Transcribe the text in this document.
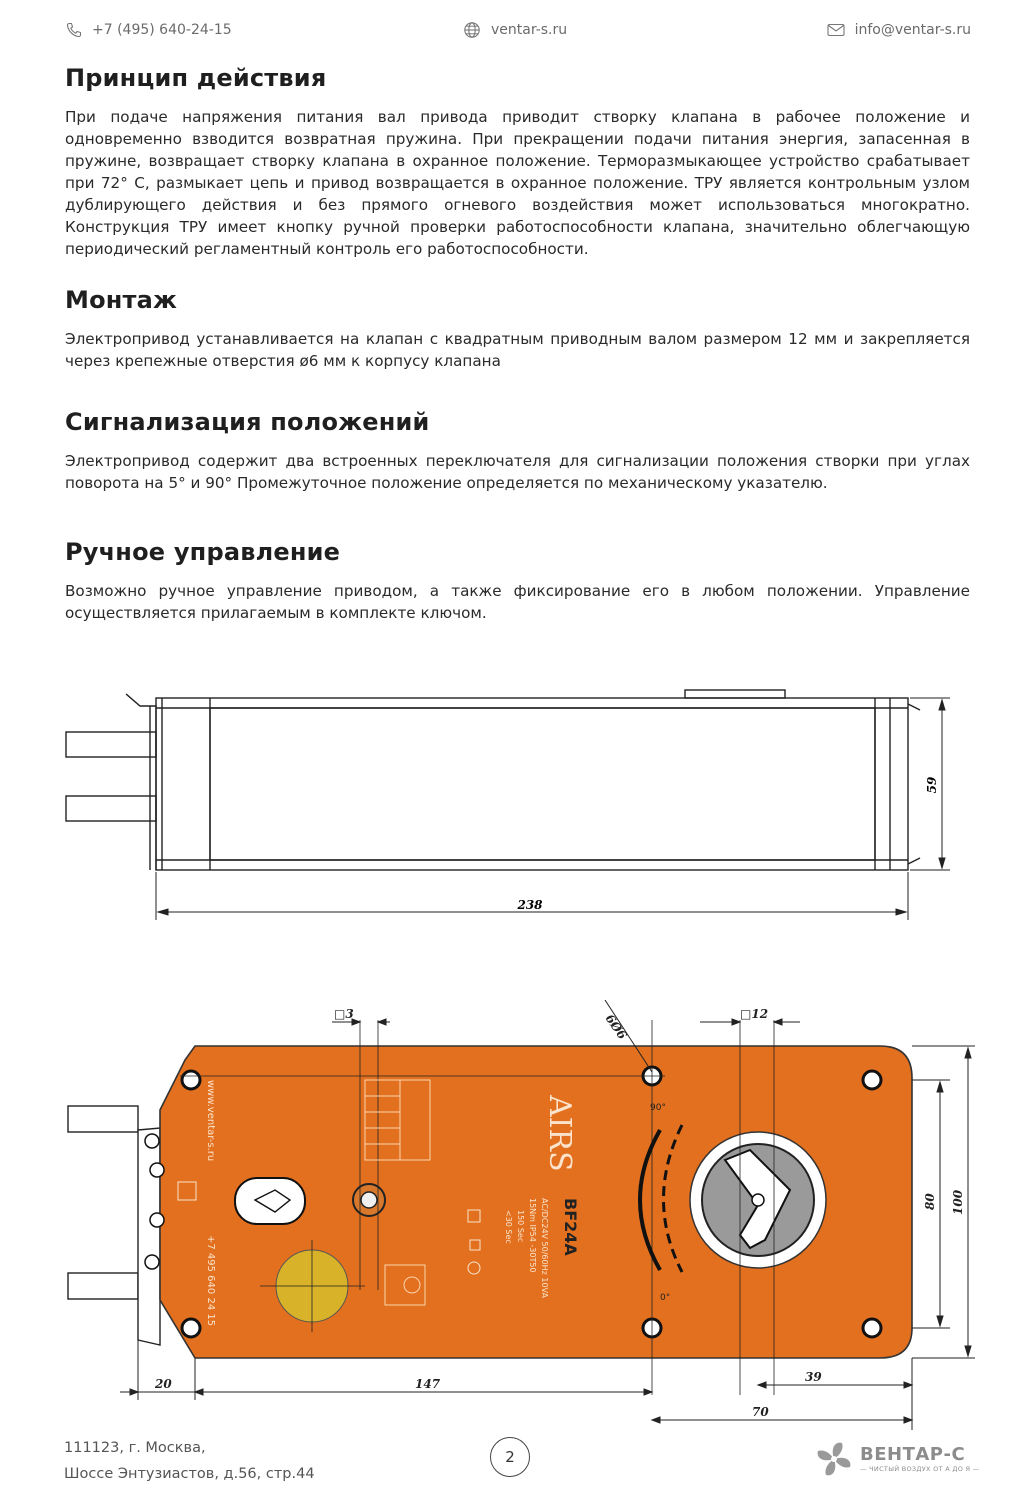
+7 (495) 640-24-15	ventar-s.ru	info@ventar-s.ru
Принцип действия

При подаче напряжения питания вал привода приводит створку клапана в рабочее положение и одновременно взводится возвратная пружина. При прекращении подачи питания энергия, запасенная в пружине, возвращает створку клапана в охранное положение. Терморазмыкающее устройство срабатывает при 72° С, размыкает цепь и привод возвращается в охранное положение. ТРУ является контрольным узлом дублирующего действия и без прямого огневого воздействия может использоваться многократно. Конструкция ТРУ имеет кнопку ручной проверки работоспособности клапана, значительно облегчающую периодический регламентный контроль его работоспособности.

Монтаж

Электропривод устанавливается на клапан с квадратным приводным валом размером 12 мм и закрепляется через крепежные отверстия ø6 мм к корпусу клапана

Сигнализация положений

Электропривод содержит два встроенных переключателя для сигнализации положения створки при углах поворота на 5° и 90° Промежуточное положение определяется по механическому указателю.

Ручное управление

Возможно ручное управление приводом, а также фиксирование его в любом положении. Управление осуществляется прилагаемым в комплекте ключом.

238
59
AIRS
BF24A
AC/DC24V 50/60Hz 10VA
15Nm IP54 -30T50
150 Sec
<30 Sec
www.ventar-s.ru
+7 495 640 24 15
90°
0°
□3	6Ø6	□12
20	147	39
70
80 100
111123, г. Москва,
Шоссе Энтузиастов, д.56, стр.44
2	ВЕНТАР-С
— ЧИСТЫЙ ВОЗДУХ ОТ А ДО Я —
